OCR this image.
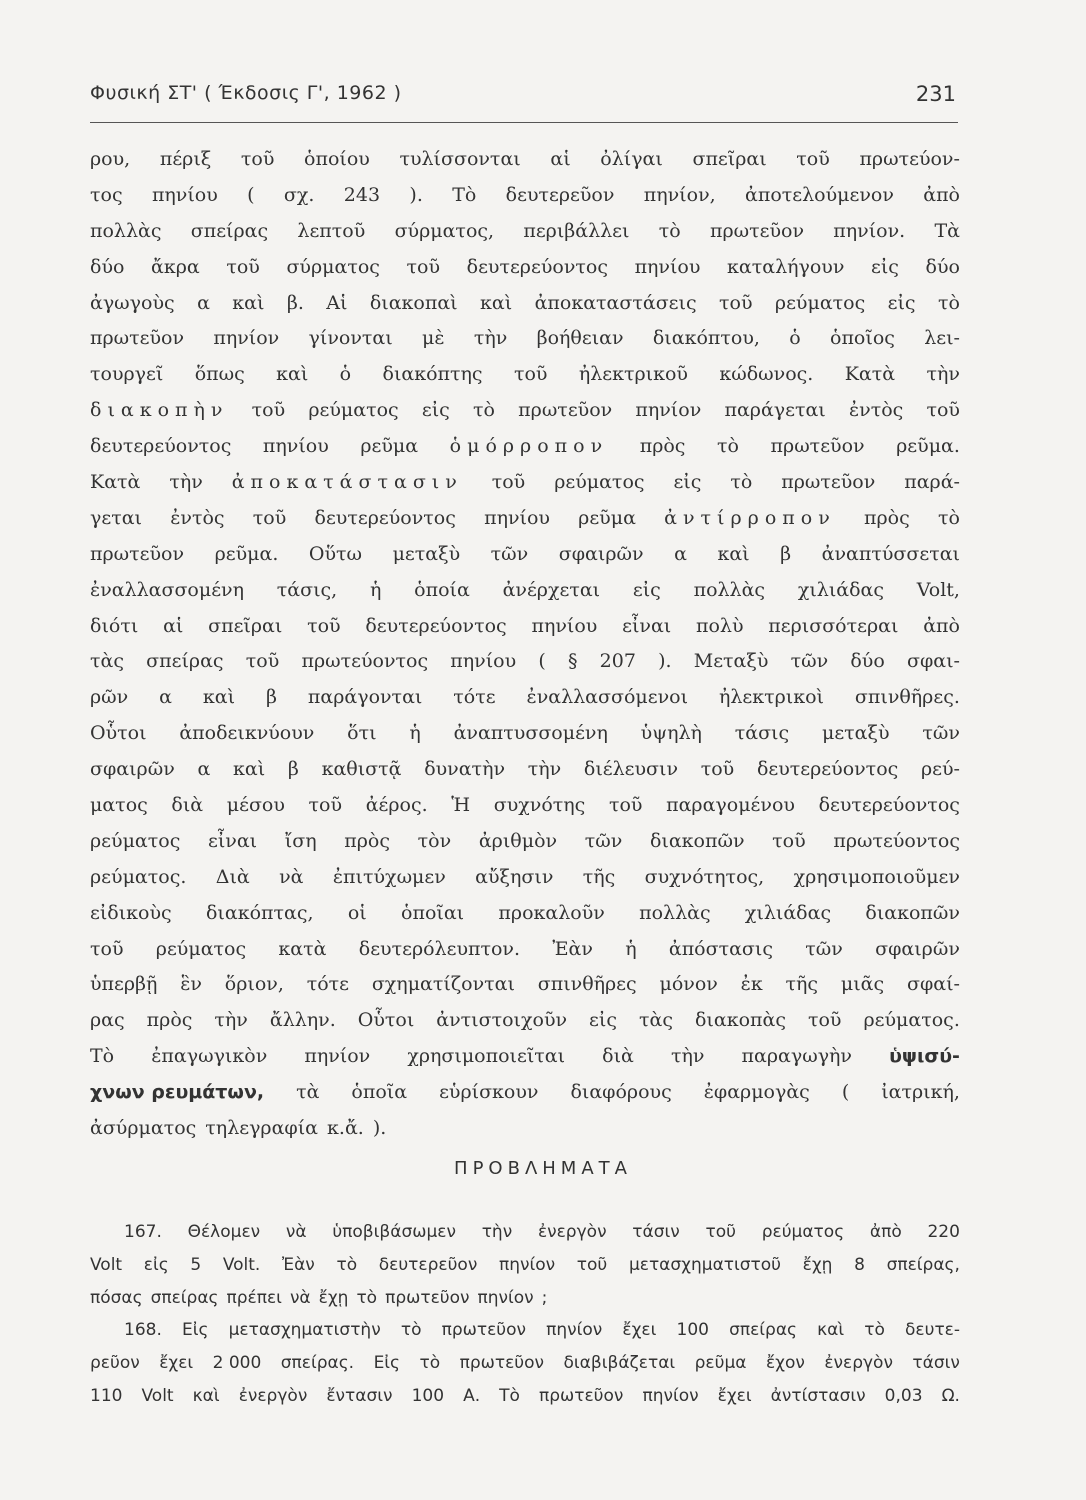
Φυσική ΣΤ' ( Έκδοσις Γ', 1962 )	231
ρου, πέριξ τοῦ ὁποίου τυλίσσονται αἱ ὀλίγαι σπεῖραι τοῦ πρωτεύον-
τος πηνίου ( σχ. 243 ). Τὸ δευτερεῦον πηνίον, ἀποτελούμενον ἀπὸ
πολλὰς σπείρας λεπτοῦ σύρματος, περιβάλλει τὸ πρωτεῦον πηνίον. Τὰ
δύο ἄκρα τοῦ σύρματος τοῦ δευτερεύοντος πηνίου καταλήγουν εἰς δύο
ἀγωγοὺς α καὶ β. Αἱ διακοπαὶ καὶ ἀποκαταστάσεις τοῦ ρεύματος εἰς τὸ
πρωτεῦον πηνίον γίνονται μὲ τὴν βοήθειαν διακόπτου, ὁ ὁποῖος λει-
τουργεῖ ὅπως καὶ ὁ διακόπτης τοῦ ἠλεκτρικοῦ κώδωνος. Κατὰ τὴν
διακοπὴν τοῦ ρεύματος εἰς τὸ πρωτεῦον πηνίον παράγεται ἐντὸς τοῦ
δευτερεύοντος πηνίου ρεῦμα ὁμόρροπον πρὸς τὸ πρωτεῦον ρεῦμα.
Κατὰ τὴν ἀποκατάστασιν τοῦ ρεύματος εἰς τὸ πρωτεῦον παρά-
γεται ἐντὸς τοῦ δευτερεύοντος πηνίου ρεῦμα ἀντίρροπον πρὸς τὸ
πρωτεῦον ρεῦμα. Οὕτω μεταξὺ τῶν σφαιρῶν α καὶ β ἀναπτύσσεται
ἐναλλασσομένη τάσις, ἡ ὁποία ἀνέρχεται εἰς πολλὰς χιλιάδας Volt,
διότι αἱ σπεῖραι τοῦ δευτερεύοντος πηνίου εἶναι πολὺ περισσότεραι ἀπὸ
τὰς σπείρας τοῦ πρωτεύοντος πηνίου ( § 207 ). Μεταξὺ τῶν δύο σφαι-
ρῶν α καὶ β παράγονται τότε ἐναλλασσόμενοι ἠλεκτρικοὶ σπινθῆρες.
Οὗτοι ἀποδεικνύουν ὅτι ἡ ἀναπτυσσομένη ὑψηλὴ τάσις μεταξὺ τῶν
σφαιρῶν α καὶ β καθιστᾷ δυνατὴν τὴν διέλευσιν τοῦ δευτερεύοντος ρεύ-
ματος διὰ μέσου τοῦ ἀέρος. Ἡ συχνότης τοῦ παραγομένου δευτερεύοντος
ρεύματος εἶναι ἴση πρὸς τὸν ἀριθμὸν τῶν διακοπῶν τοῦ πρωτεύοντος
ρεύματος. Διὰ νὰ ἐπιτύχωμεν αὔξησιν τῆς συχνότητος, χρησιμοποιοῦμεν
εἰδικοὺς διακόπτας, οἱ ὁποῖαι προκαλοῦν πολλὰς χιλιάδας διακοπῶν
τοῦ ρεύματος κατὰ δευτερόλευπτον. Ἐὰν ἡ ἀπόστασις τῶν σφαιρῶν
ὑπερβῇ ἓν ὅριον, τότε σχηματίζονται σπινθῆρες μόνον ἐκ τῆς μιᾶς σφαί-
ρας πρὸς τὴν ἄλλην. Οὗτοι ἀντιστοιχοῦν εἰς τὰς διακοπὰς τοῦ ρεύματος.
Τὸ ἐπαγωγικὸν πηνίον χρησιμοποιεῖται διὰ τὴν παραγωγὴν ὑψισύ-
χνων ρευμάτων, τὰ ὁποῖα εὑρίσκουν διαφόρους ἐφαρμογὰς ( ἰατρική,
ἀσύρματος τηλεγραφία κ.ἄ. ).
ΠΡΟΒΛΗΜΑΤΑ
167. Θέλομεν νὰ ὑποβιβάσωμεν τὴν ἐνεργὸν τάσιν τοῦ ρεύματος ἀπὸ 220
Volt εἰς 5 Volt. Ἐὰν τὸ δευτερεῦον πηνίον τοῦ μετασχηματιστοῦ ἔχῃ 8 σπείρας,
πόσας σπείρας πρέπει νὰ ἔχῃ τὸ πρωτεῦον πηνίον ;
168. Εἰς μετασχηματιστὴν τὸ πρωτεῦον πηνίον ἔχει 100 σπείρας καὶ τὸ δευτε-
ρεῦον ἔχει 2 000 σπείρας. Εἰς τὸ πρωτεῦον διαβιβάζεται ρεῦμα ἔχον ἐνεργὸν τάσιν
110 Volt καὶ ἐνεργὸν ἔντασιν 100 Α. Τὸ πρωτεῦον πηνίον ἔχει ἀντίστασιν 0,03 Ω.
